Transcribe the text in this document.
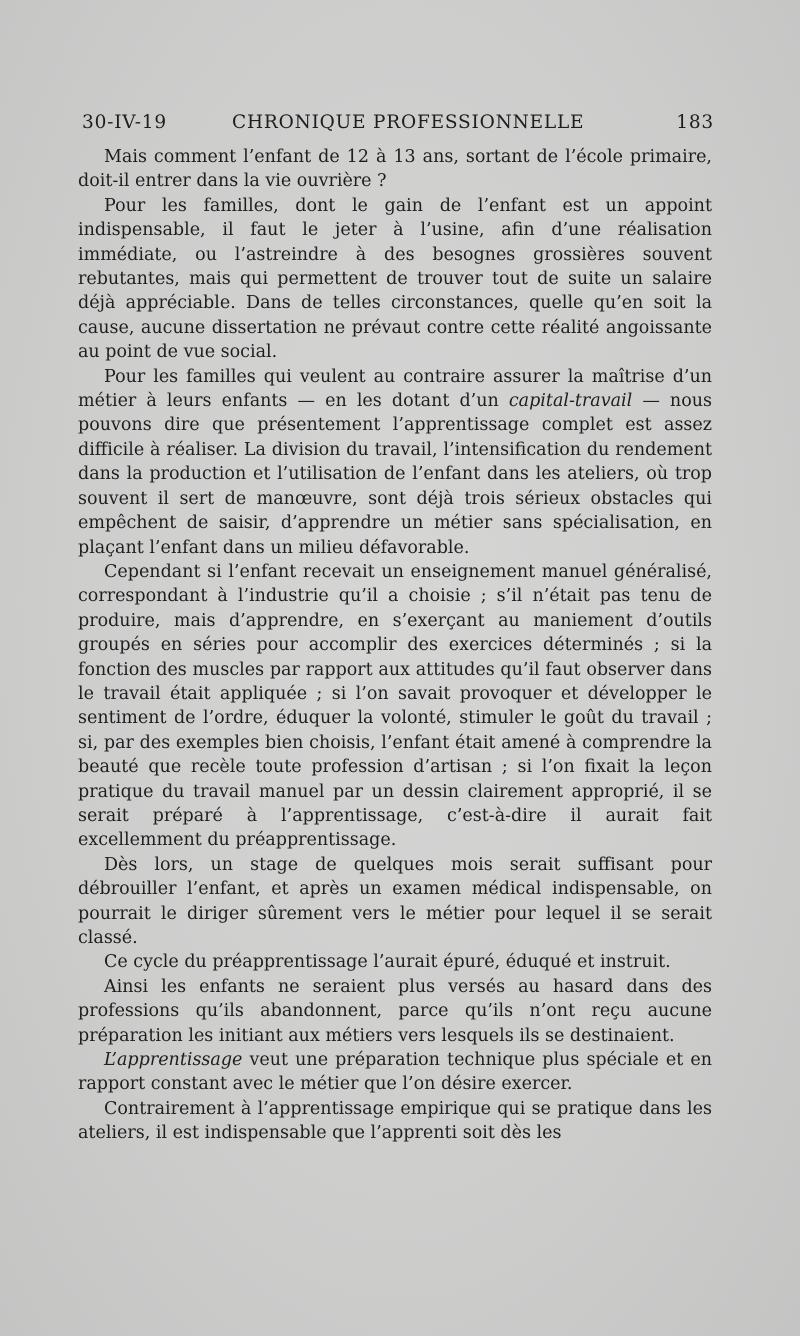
30-IV-19	CHRONIQUE PROFESSIONNELLE	183

Mais comment l’enfant de 12 à 13 ans, sortant de l’école primaire, doit-il entrer dans la vie ouvrière ?

Pour les familles, dont le gain de l’enfant est un appoint indispensable, il faut le jeter à l’usine, afin d’une réalisation immédiate, ou l’astreindre à des besognes grossières souvent rebutantes, mais qui permettent de trouver tout de suite un salaire déjà appréciable. Dans de telles circonstances, quelle qu’en soit la cause, aucune dissertation ne prévaut contre cette réalité angoissante au point de vue social.

Pour les familles qui veulent au contraire assurer la maîtrise d’un métier à leurs enfants — en les dotant d’un capital-travail — nous pouvons dire que présentement l’apprentissage complet est assez difficile à réaliser. La division du travail, l’intensification du rendement dans la production et l’utilisation de l’enfant dans les ateliers, où trop souvent il sert de manœuvre, sont déjà trois sérieux obstacles qui empêchent de saisir, d’apprendre un métier sans spécialisation, en plaçant l’enfant dans un milieu défavorable.

Cependant si l’enfant recevait un enseignement manuel généralisé, correspondant à l’industrie qu’il a choisie ; s’il n’était pas tenu de produire, mais d’apprendre, en s’exerçant au maniement d’outils groupés en séries pour accomplir des exercices déterminés ; si la fonction des muscles par rapport aux attitudes qu’il faut observer dans le travail était appliquée ; si l’on savait provoquer et développer le sentiment de l’ordre, éduquer la volonté, stimuler le goût du travail ; si, par des exemples bien choisis, l’enfant était amené à comprendre la beauté que recèle toute profession d’artisan ; si l’on fixait la leçon pratique du travail manuel par un dessin clairement approprié, il se serait préparé à l’apprentissage, c’est-à-dire il aurait fait excellemment du préapprentissage.

Dès lors, un stage de quelques mois serait suffisant pour débrouiller l’enfant, et après un examen médical indispensable, on pourrait le diriger sûrement vers le métier pour lequel il se serait classé.

Ce cycle du préapprentissage l’aurait épuré, éduqué et instruit.

Ainsi les enfants ne seraient plus versés au hasard dans des professions qu’ils abandonnent, parce qu’ils n’ont reçu aucune préparation les initiant aux métiers vers lesquels ils se destinaient.

L’apprentissage veut une préparation technique plus spéciale et en rapport constant avec le métier que l’on désire exercer.

Contrairement à l’apprentissage empirique qui se pratique dans les ateliers, il est indispensable que l’apprenti soit dès les
